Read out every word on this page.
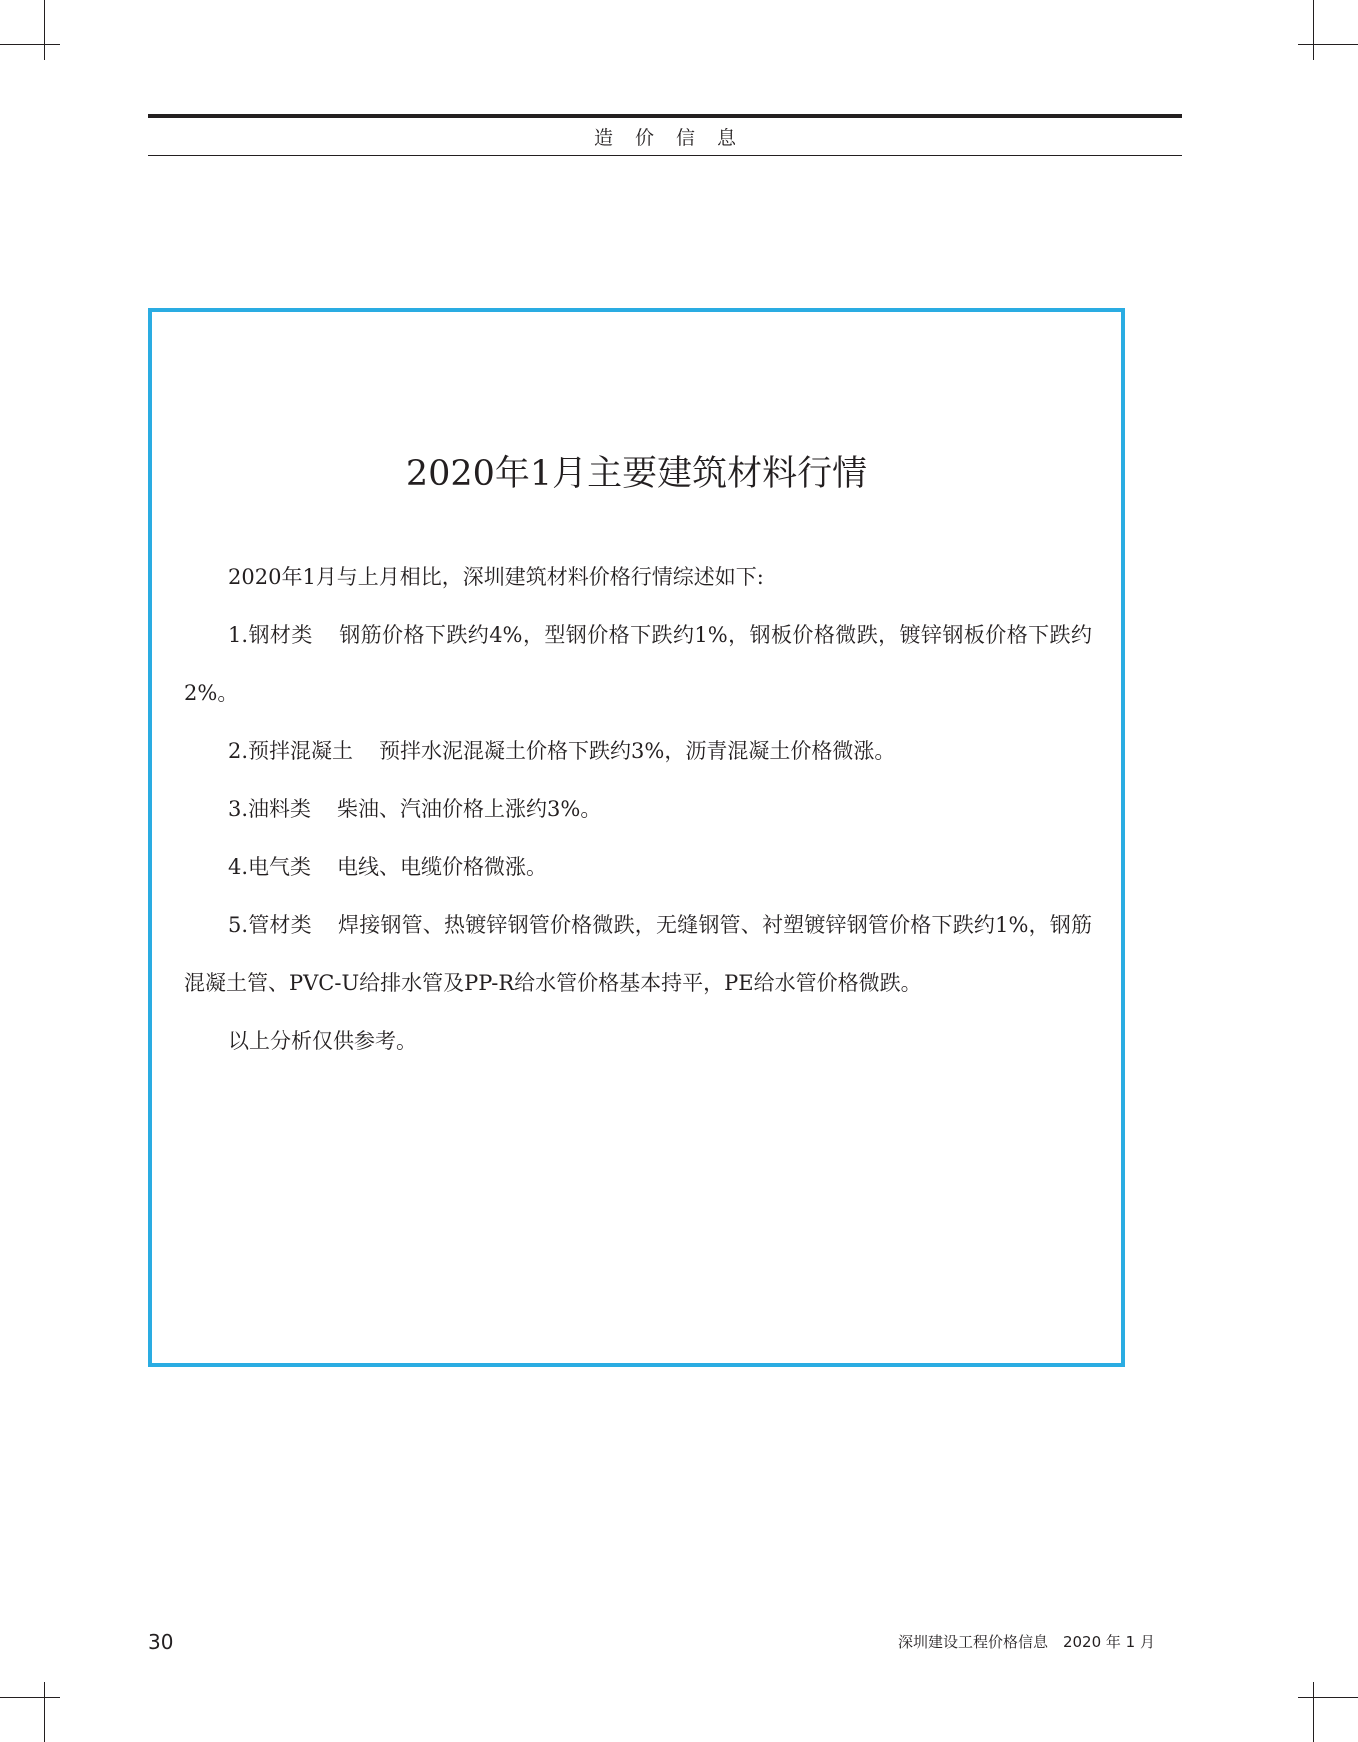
造价信息
2020年1月主要建筑材料行情

2020年1月与上月相比，深圳建筑材料价格行情综述如下:

1.钢材类 钢筋价格下跌约4%，型钢价格下跌约1%，钢板价格微跌，镀锌钢板价格下跌约2%。

2.预拌混凝土 预拌水泥混凝土价格下跌约3%，沥青混凝土价格微涨。

3.油料类 柴油、汽油价格上涨约3%。

4.电气类 电线、电缆价格微涨。

5.管材类 焊接钢管、热镀锌钢管价格微跌，无缝钢管、衬塑镀锌钢管价格下跌约1%，钢筋混凝土管、PVC-U给排水管及PP-R给水管价格基本持平，PE给水管价格微跌。

以上分析仅供参考。

30	深圳建设工程价格信息　2020 年 1 月
